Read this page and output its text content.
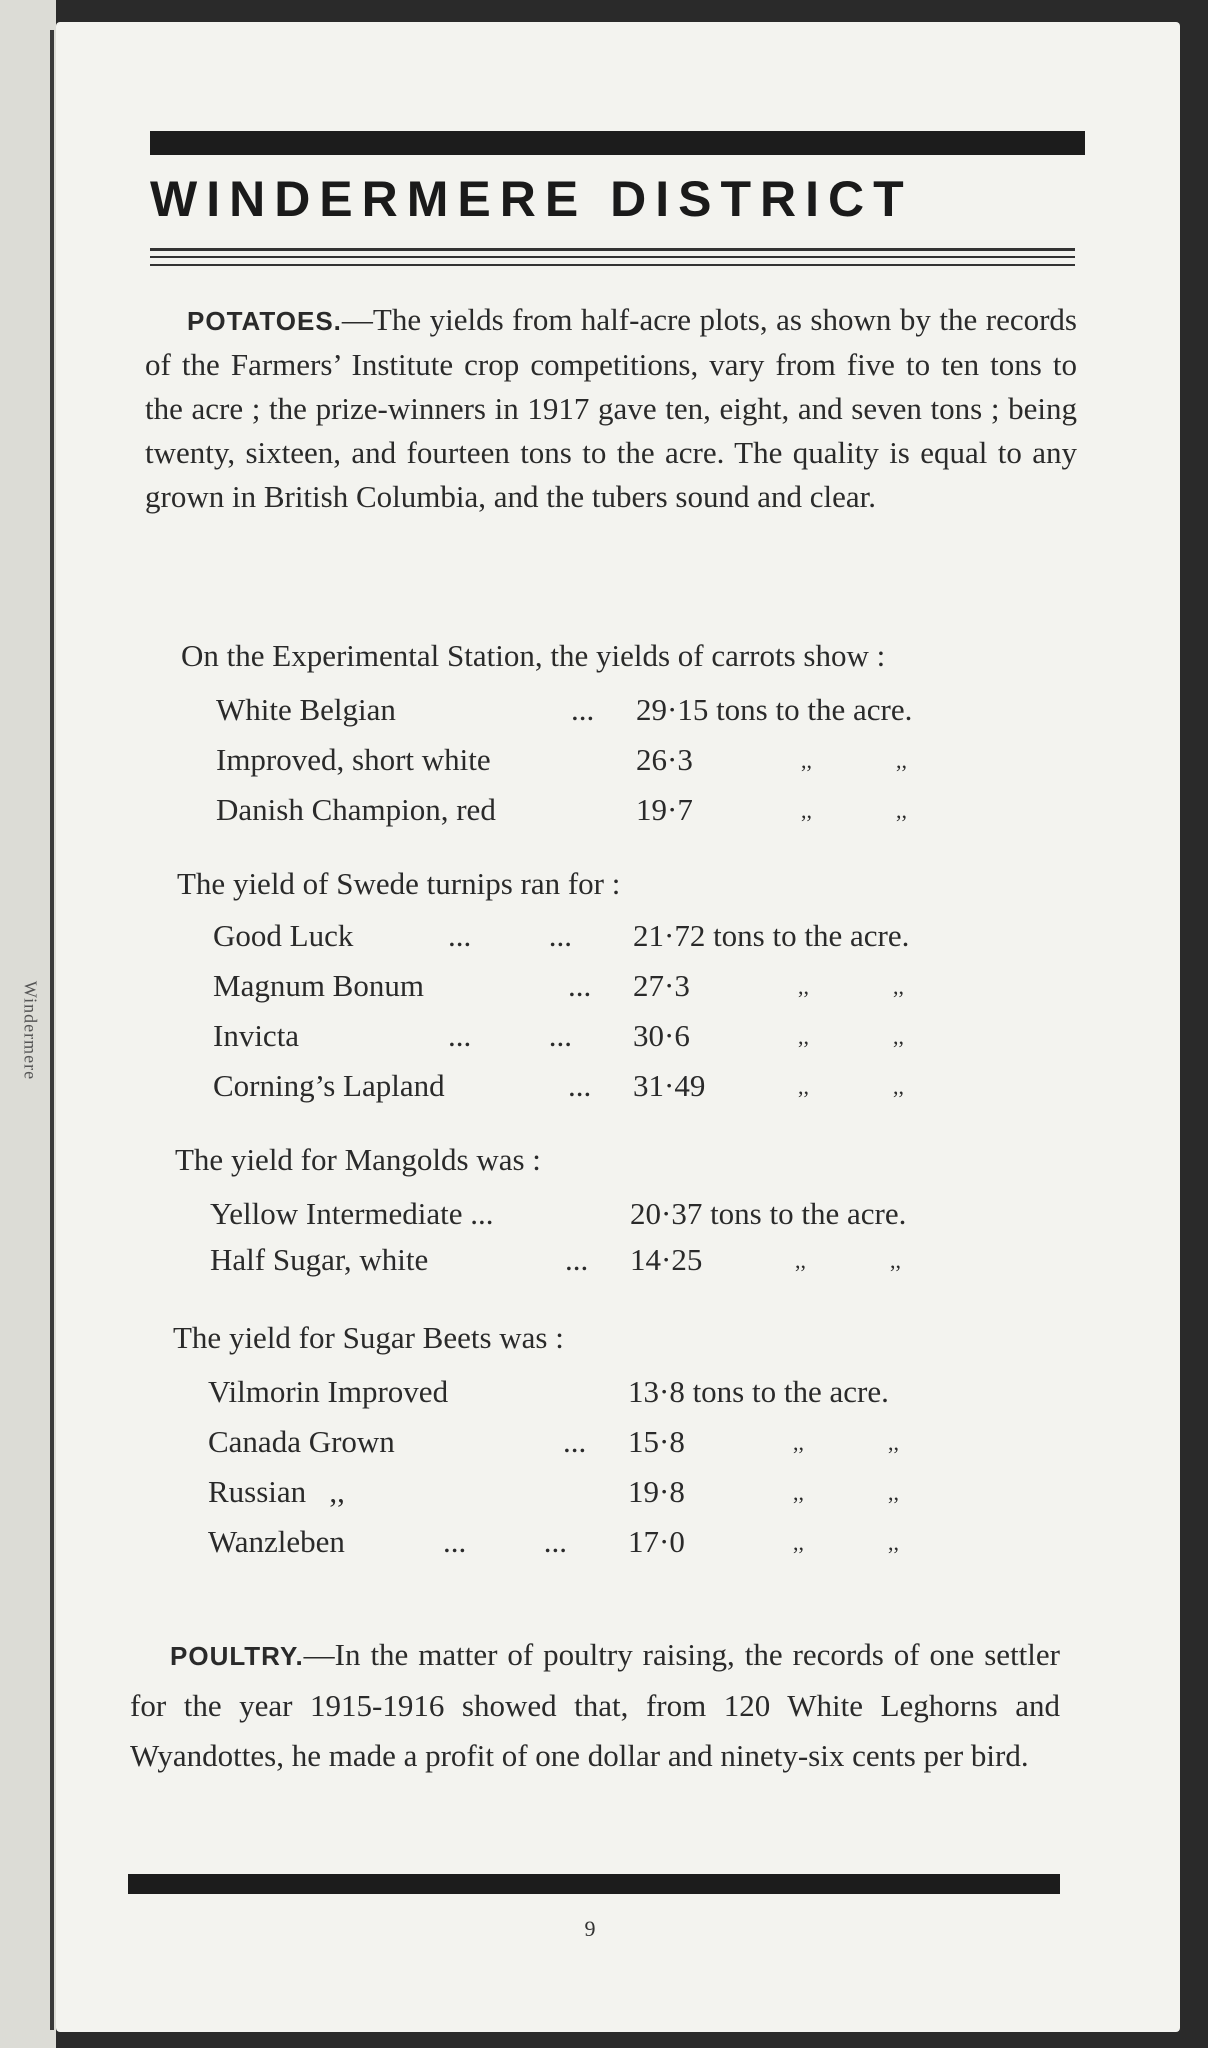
Windermere
WINDERMERE DISTRICT
POTATOES.—The yields from half-acre plots, as shown by the records of the Farmers’ Institute crop competitions, vary from five to ten tons to the acre ; the prize-winners in 1917 gave ten, eight, and seven tons ; being twenty, sixteen, and fourteen tons to the acre. The quality is equal to any grown in British Columbia, and the tubers sound and clear.
On the Experimental Station, the yields of carrots show :
White Belgian	... 29·15 tons to the acre.
Improved, short white	26·3	,,	,,
Danish Champion, red	19·7	,,	,,
The yield of Swede turnips ran for :
Good Luck	...          ... 21·72 tons to the acre.
Magnum Bonum	... 27·3	,,	,,
Invicta	...          ... 30·6	,,	,,
Corning’s Lapland	... 31·49	,,	,,
The yield for Mangolds was :
Yellow Intermediate ...	20·37 tons to the acre.
Half Sugar, white	... 14·25	,,	,,
The yield for Sugar Beets was :
Vilmorin Improved	13·8 tons to the acre.
Canada Grown	... 15·8	,,	,,
Russian   ,,	19·8	,,	,,
Wanzleben	...          ... 17·0	,,	,,
POULTRY.—In the matter of poultry raising, the records of one settler for the year 1915-1916 showed that, from 120 White Leghorns and Wyandottes, he made a profit of one dollar and ninety-six cents per bird.
9
